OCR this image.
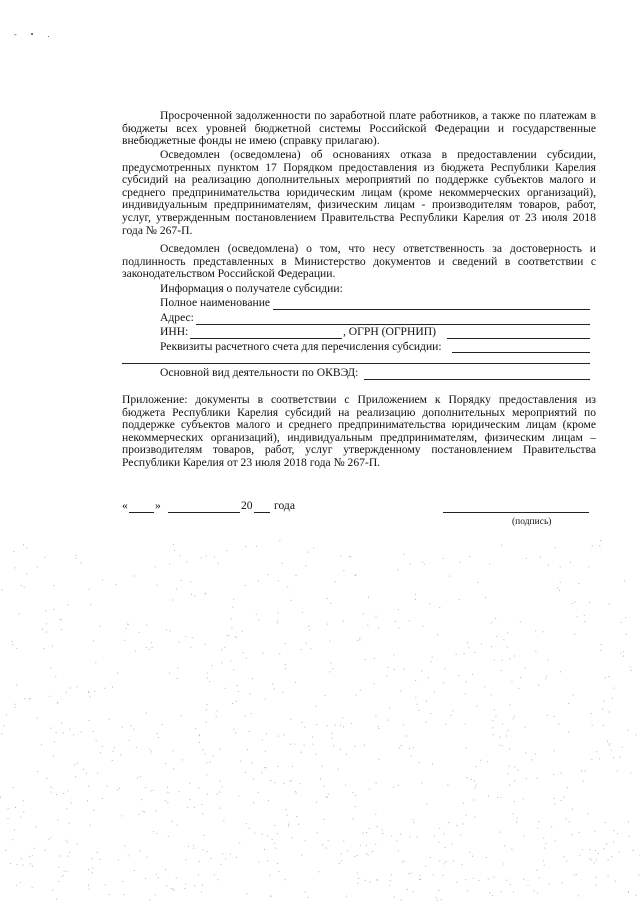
- • .
Просроченной задолженности по заработной плате работников, а также по платежам в бюджеты всех уровней бюджетной системы Российской Федерации и государственные внебюджетные фонды не имею (справку прилагаю).
Осведомлен (осведомлена) об основаниях отказа в предоставлении субсидии, предусмотренных пунктом 17 Порядком предоставления из бюджета Республики Карелия субсидий на реализацию дополнительных мероприятий по поддержке субъектов малого и среднего предпринимательства юридическим лицам (кроме некоммерческих организаций), индивидуальным предпринимателям, физическим лицам - производителям товаров, работ, услуг, утвержденным постановлением Правительства Республики Карелия от 23 июля 2018 года № 267-П.
Осведомлен (осведомлена) о том, что несу ответственность за достоверность и подлинность представленных в Министерство документов и сведений в соответствии с законодательством Российской Федерации.
Информация о получателе субсидии:
Полное наименование
Адрес:
ИНН:	, ОГРН (ОГРНИП)
Реквизиты расчетного счета для перечисления субсидии:
Основной вид деятельности по ОКВЭД:
Приложение: документы в соответствии с Приложением к Порядку предоставления из бюджета Республики Карелия субсидий на реализацию дополнительных мероприятий по поддержке субъектов малого и среднего предпринимательства юридическим лицам (кроме некоммерческих организаций), индивидуальным предпринимателям, физическим лицам – производителям товаров, работ, услуг утвержденному постановлением Правительства Республики Карелия от 23 июля 2018 года № 267-П.
« »	20 года
(подпись)
